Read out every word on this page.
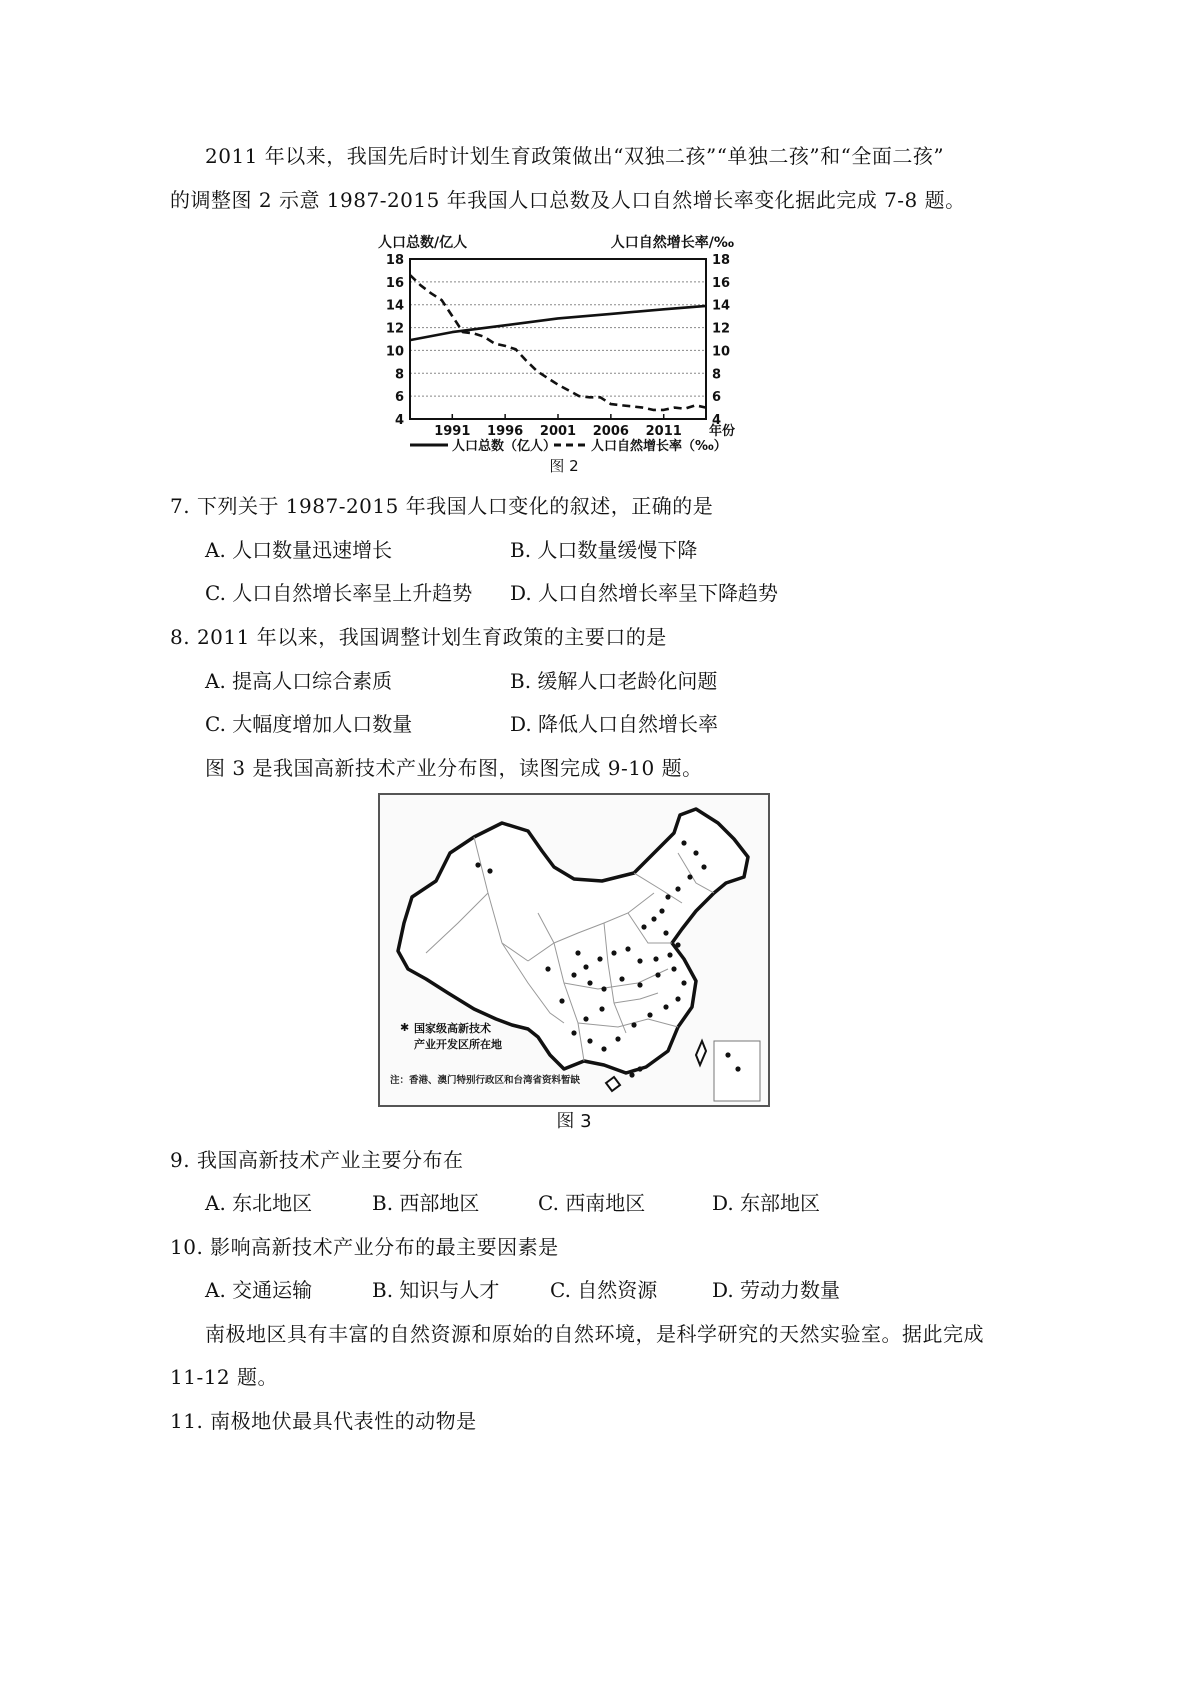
2011 年以来，我国先后时计划生育政策做出“双独二孩”“单独二孩”和“全面二孩”
的调整图 2 示意 1987-2015 年我国人口总数及人口自然增长率变化据此完成 7-8 题。
人口总数/亿人	人口自然增长率/‰
4	4
6	6
8	8
10	10
12	12
14	14
16	16
18	18
1991 1996 2001 2006 2011 年份
人口总数（亿人）	人口自然增长率（‰）
图 2
7. 下列关于 1987-2015 年我国人口变化的叙述，正确的是
A. 人口数量迅速增长	B. 人口数量缓慢下降
C. 人口自然增长率呈上升趋势 D. 人口自然增长率呈下降趋势
8. 2011 年以来，我国调整计划生育政策的主要口的是
A. 提高人口综合素质	B. 缓解人口老龄化问题
C. 大幅度增加人口数量	D. 降低人口自然增长率
图 3 是我国高新技术产业分布图，读图完成 9-10 题。
✱ 国家级高新技术
产业开发区所在地
注：香港、澳门特别行政区和台湾省资料暂缺
图 3
9. 我国高新技术产业主要分布在
A. 东北地区	B. 西部地区	C. 西南地区	D. 东部地区
10. 影响高新技术产业分布的最主要因素是
A. 交通运输	B. 知识与人才	C. 自然资源	D. 劳动力数量
南极地区具有丰富的自然资源和原始的自然环境，是科学研究的天然实验室。据此完成
11-12 题。
11. 南极地伏最具代表性的动物是
